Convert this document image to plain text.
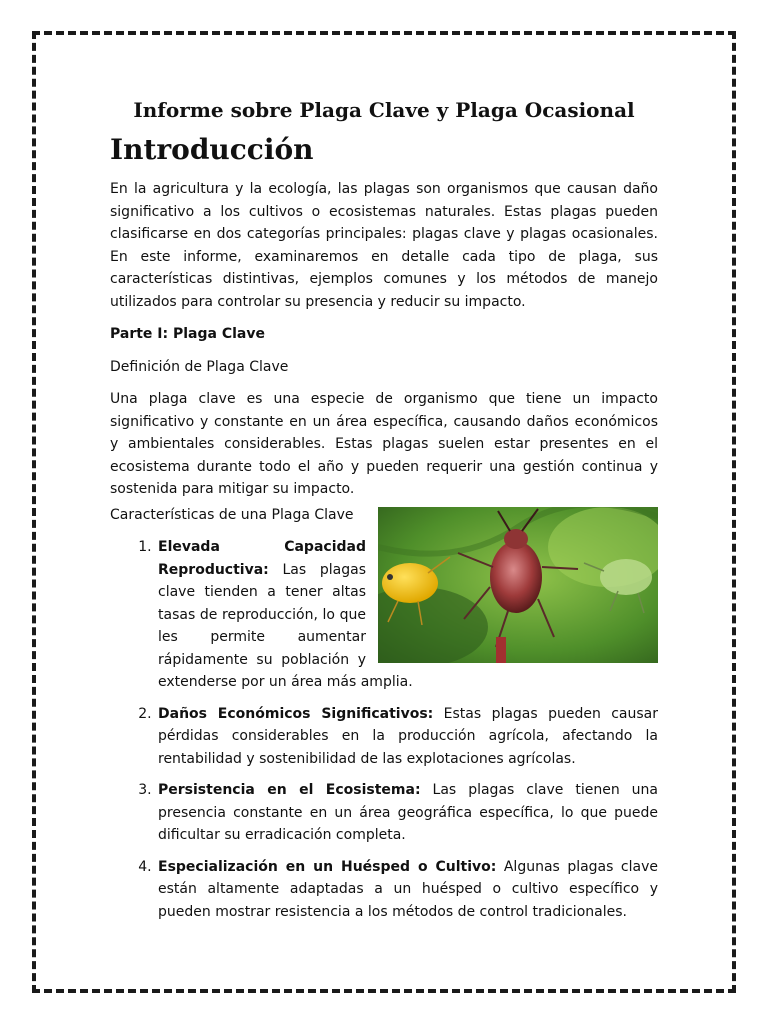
Informe sobre Plaga Clave y Plaga Ocasional
Introducción

En la agricultura y la ecología, las plagas son organismos que causan daño significativo a los cultivos o ecosistemas naturales. Estas plagas pueden clasificarse en dos categorías principales: plagas clave y plagas ocasionales. En este informe, examinaremos en detalle cada tipo de plaga, sus características distintivas, ejemplos comunes y los métodos de manejo utilizados para controlar su presencia y reducir su impacto.

Parte I: Plaga Clave

Definición de Plaga Clave

Una plaga clave es una especie de organismo que tiene un impacto significativo y constante en un área específica, causando daños económicos y ambientales considerables. Estas plagas suelen estar presentes en el ecosistema durante todo el año y pueden requerir una gestión continua y sostenida para mitigar su impacto.

Características de una Plaga Clave

1. Elevada Capacidad Reproductiva: Las plagas clave tienden a tener altas tasas de reproducción, lo que les permite aumentar rápidamente su población y extenderse por un área más amplia.
2. Daños Económicos Significativos: Estas plagas pueden causar pérdidas considerables en la producción agrícola, afectando la rentabilidad y sostenibilidad de las explotaciones agrícolas.
3. Persistencia en el Ecosistema: Las plagas clave tienen una presencia constante en un área geográfica específica, lo que puede dificultar su erradicación completa.
4. Especialización en un Huésped o Cultivo: Algunas plagas clave están altamente adaptadas a un huésped o cultivo específico y pueden mostrar resistencia a los métodos de control tradicionales.
